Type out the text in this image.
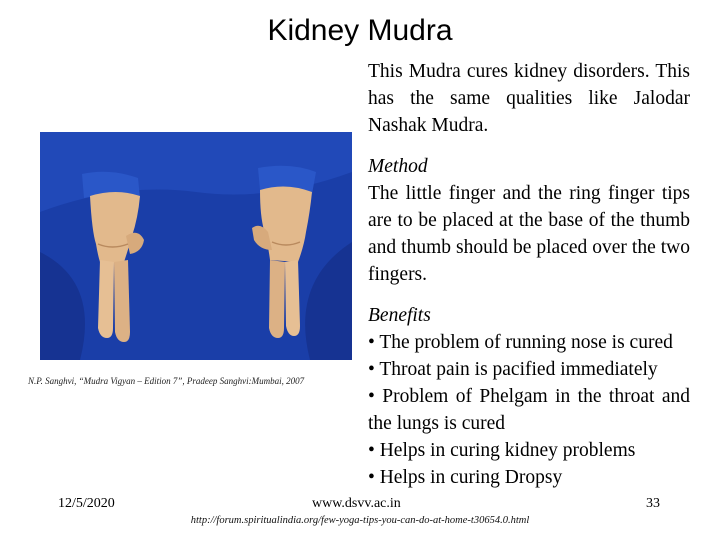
Kidney Mudra

This Mudra cures kidney disorders. This has the same qualities like Jalodar Nashak Mudra.

Method

The little finger and the ring finger tips are to be placed at the base of the thumb and thumb should be placed over the two fingers.

Benefits

• The problem of running nose is cured

• Throat pain is pacified immediately

• Problem of Phelgam in the throat and the lungs is cured

• Helps in curing kidney problems

• Helps in curing Dropsy

N.P. Sanghvi, “Mudra Vigyan – Edition 7”, Pradeep Sanghvi:Mumbai, 2007
12/5/2020	www.dsvv.ac.in	33
http://forum.spiritualindia.org/few-yoga-tips-you-can-do-at-home-t30654.0.html
